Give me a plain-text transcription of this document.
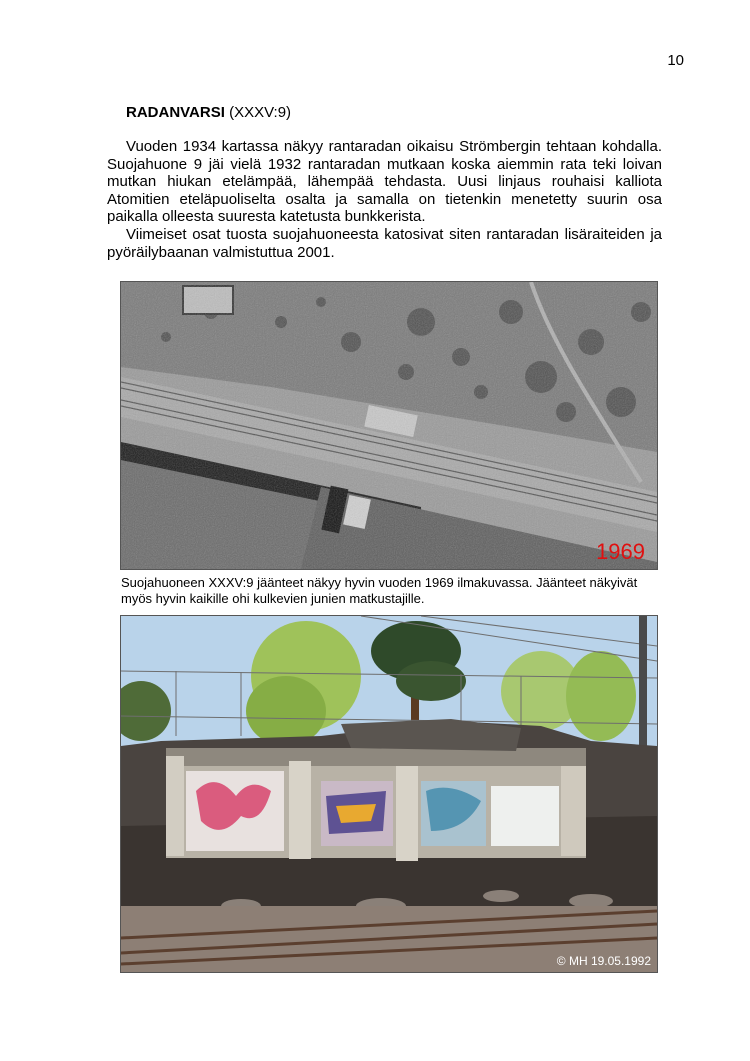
10
RADANVARSI (XXXV:9)

Vuoden 1934 kartassa näkyy rantaradan oikaisu Strömbergin tehtaan kohdalla. Suojahuone 9 jäi vielä 1932 rantaradan mutkaan koska aiemmin rata teki loivan mutkan hiukan etelämpää, lähempää tehdasta. Uusi linjaus rouhaisi kalliota Atomitien eteläpuoliselta osalta ja samalla on tietenkin menetetty suurin osa paikalla olleesta suuresta katetusta bunkkerista.

Viimeiset osat tuosta suojahuoneesta katosivat siten rantaradan lisäraiteiden ja pyöräilybaanan valmistuttua 2001.

1969
Suojahuoneen XXXV:9 jäänteet näkyy hyvin vuoden 1969 ilmakuvassa. Jäänteet näkyivät myös hyvin kaikille ohi kulkevien junien matkustajille.
© MH 19.05.1992
